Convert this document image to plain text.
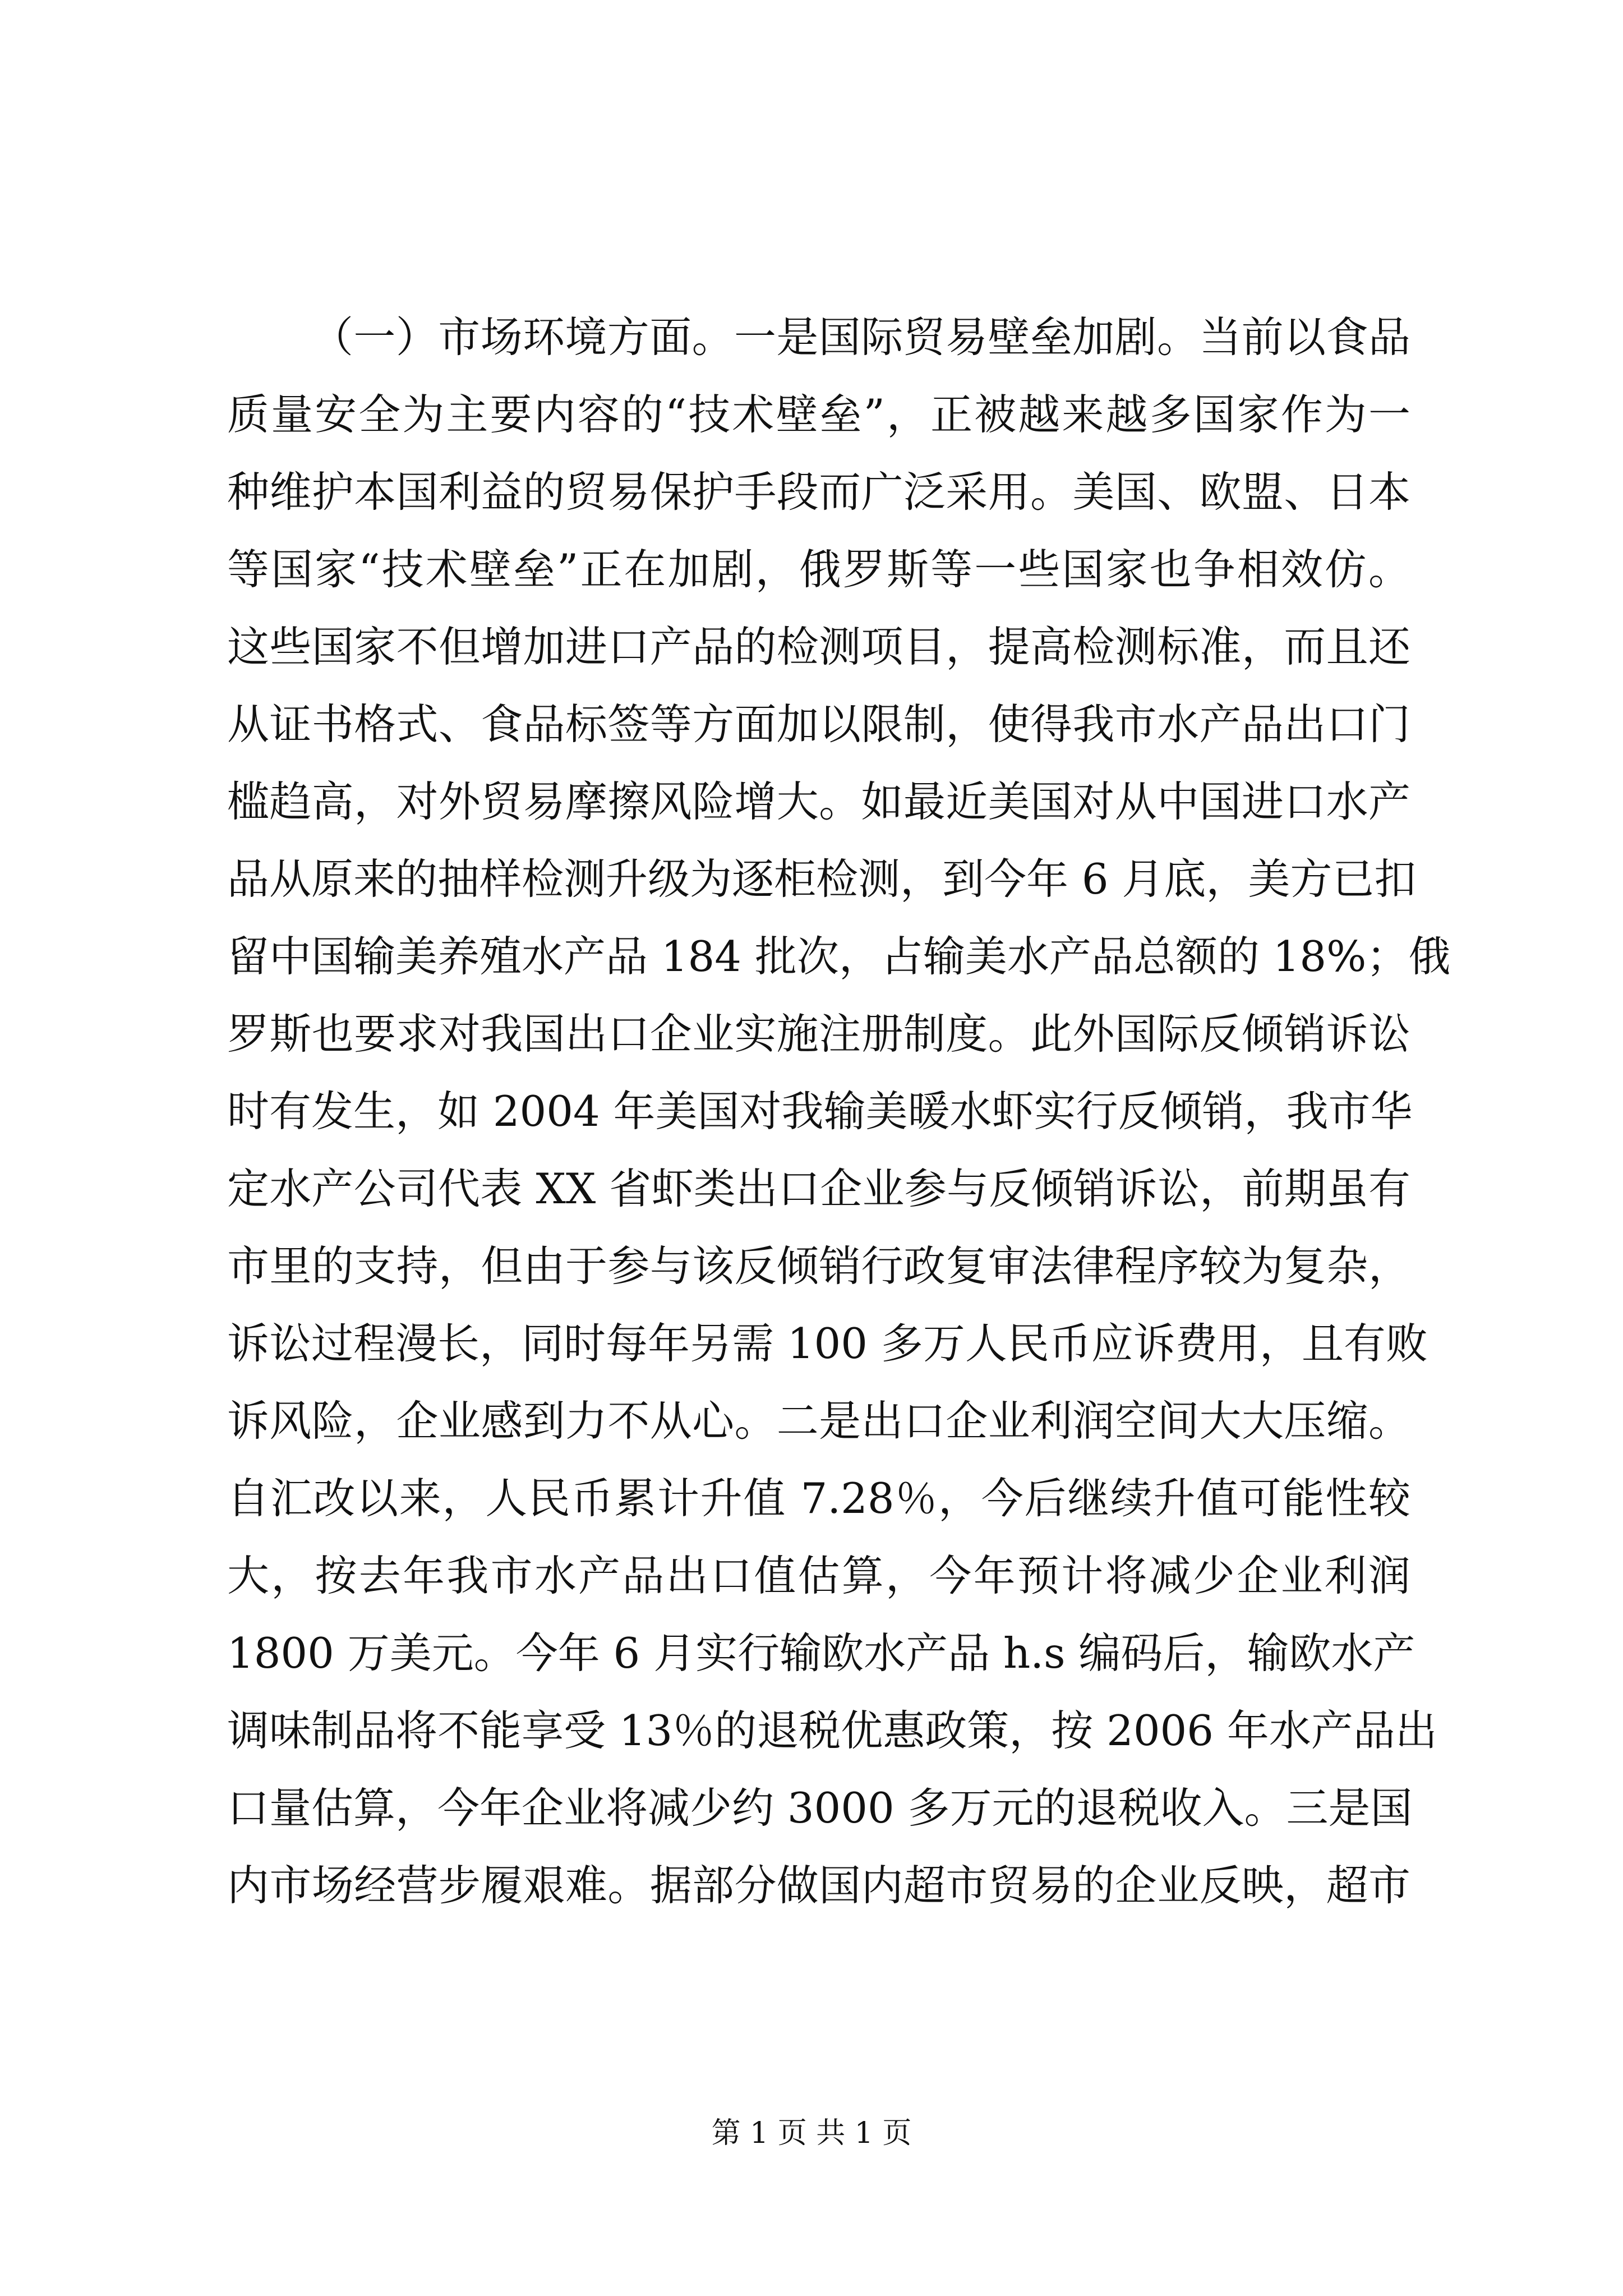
（一）市场环境方面。一是国际贸易壁垒加剧。当前以食品
质量安全为主要内容的“技术壁垒”，正被越来越多国家作为一
种维护本国利益的贸易保护手段而广泛采用。美国、欧盟、日本
等国家“技术壁垒”正在加剧，俄罗斯等一些国家也争相效仿。
这些国家不但增加进口产品的检测项目，提高检测标准，而且还
从证书格式、食品标签等方面加以限制，使得我市水产品出口门
槛趋高，对外贸易摩擦风险增大。如最近美国对从中国进口水产
品从原来的抽样检测升级为逐柜检测，到今年 6 月底，美方已扣
留中国输美养殖水产品 184 批次，占输美水产品总额的 18%；俄
罗斯也要求对我国出口企业实施注册制度。此外国际反倾销诉讼
时有发生，如 2004 年美国对我输美暖水虾实行反倾销，我市华
定水产公司代表 XX 省虾类出口企业参与反倾销诉讼，前期虽有
市里的支持，但由于参与该反倾销行政复审法律程序较为复杂，
诉讼过程漫长，同时每年另需 100 多万人民币应诉费用，且有败
诉风险，企业感到力不从心。二是出口企业利润空间大大压缩。
自汇改以来，人民币累计升值 7.28％，今后继续升值可能性较
大，按去年我市水产品出口值估算，今年预计将减少企业利润
1800 万美元。今年 6 月实行输欧水产品 h.s 编码后，输欧水产
调味制品将不能享受 13％的退税优惠政策，按 2006 年水产品出
口量估算，今年企业将减少约 3000 多万元的退税收入。三是国
内市场经营步履艰难。据部分做国内超市贸易的企业反映，超市
第 1 页 共 1 页
